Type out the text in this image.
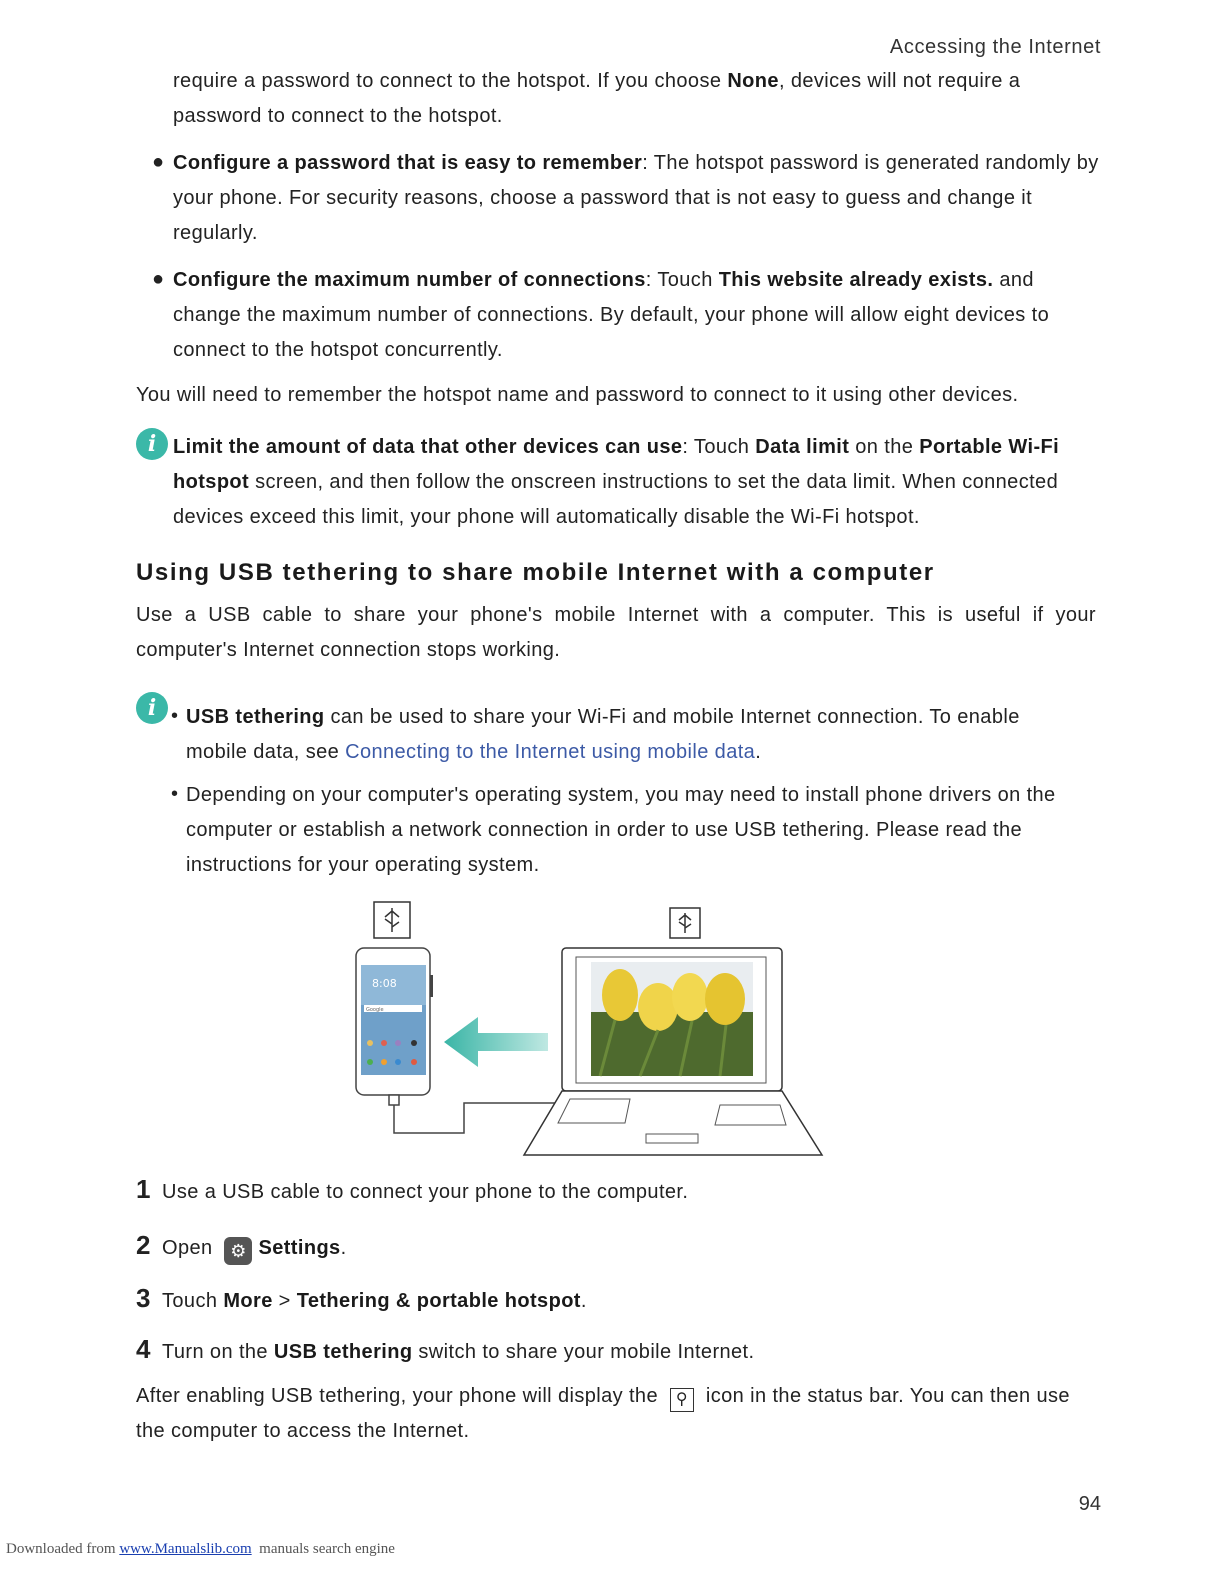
Accessing the Internet
require a password to connect to the hotspot. If you choose None, devices will not require a password to connect to the hotspot.
● Configure a password that is easy to remember: The hotspot password is generated randomly by your phone. For security reasons, choose a password that is not easy to guess and change it regularly.
● Configure the maximum number of connections: Touch This website already exists. and change the maximum number of connections. By default, your phone will allow eight devices to connect to the hotspot concurrently.
You will need to remember the hotspot name and password to connect to it using other devices.
i Limit the amount of data that other devices can use: Touch Data limit on the Portable Wi-Fi hotspot screen, and then follow the onscreen instructions to set the data limit. When connected devices exceed this limit, your phone will automatically disable the Wi-Fi hotspot.
Using USB tethering to share mobile Internet with a computer
Use a USB cable to share your phone's mobile Internet with a computer. This is useful if your computer's Internet connection stops working.
i • USB tethering can be used to share your Wi-Fi and mobile Internet connection. To enable mobile data, see Connecting to the Internet using mobile data.
• Depending on your computer's operating system, you may need to install phone drivers on the computer or establish a network connection in order to use USB tethering. Please read the instructions for your operating system.
8:08
Google
1 Use a USB cable to connect your phone to the computer.
2 Open ⚙ Settings.
3 Touch More > Tethering & portable hotspot.
4 Turn on the USB tethering switch to share your mobile Internet.
After enabling USB tethering, your phone will display the ⚲ icon in the status bar. You can then use the computer to access the Internet.
94
Downloaded from www.Manualslib.com  manuals search engine
